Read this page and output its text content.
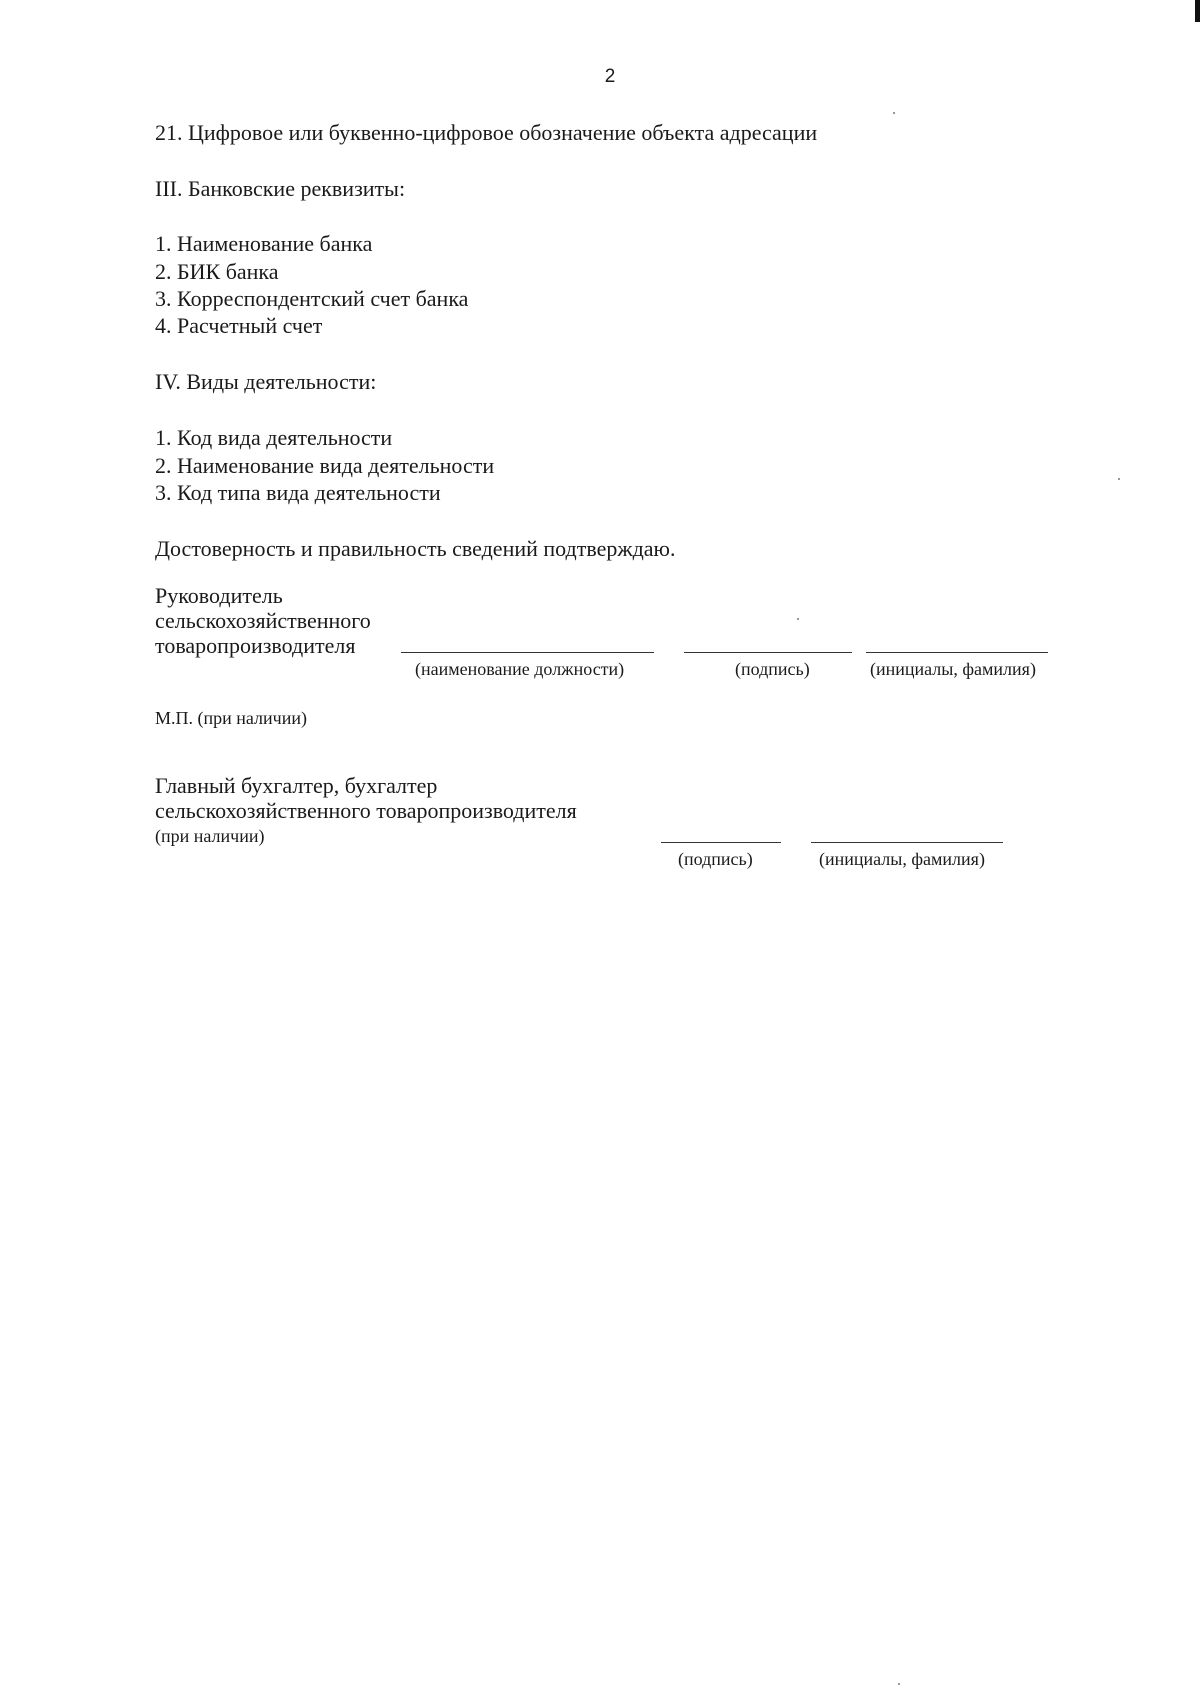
2
21. Цифровое или буквенно-цифровое обозначение объекта адресации
III. Банковские реквизиты:
1. Наименование банка
2. БИК банка
3. Корреспондентский счет банка
4. Расчетный счет
IV. Виды деятельности:
1. Код вида деятельности
2. Наименование вида деятельности
3. Код типа вида деятельности
Достоверность и правильность сведений подтверждаю.
Руководитель
сельскохозяйственного
товаропроизводителя
(наименование должности)	(подпись)	(инициалы, фамилия)
М.П. (при наличии)
Главный бухгалтер, бухгалтер
сельскохозяйственного товаропроизводителя
(при наличии)
(подпись)	(инициалы, фамилия)
